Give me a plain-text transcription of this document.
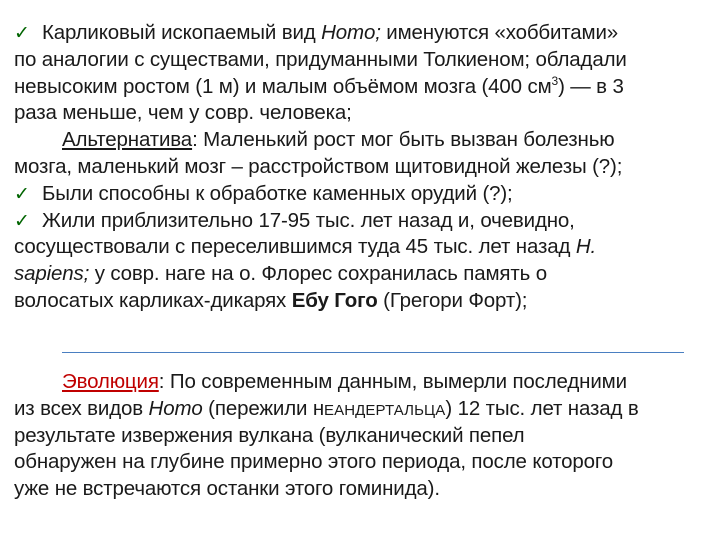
✓ Карликовый ископаемый вид Homo; именуются «хоббитами»
по аналогии с существами, придуманными Толкиеном; обладали
невысоким ростом (1 м) и малым объёмом мозга (400 $см^3$) — в 3
раза меньше, чем у совр. человека;
Альтернатива: Маленький рост мог быть вызван болезнью
мозга, маленький мозг – расстройством щитовидной железы (?);
✓ Были способны к обработке каменных орудий (?);
✓ Жили приблизительно 17-95 тыс. лет назад и, очевидно,
сосуществовали с переселившимся туда 45 тыс. лет назад H.
sapiens; у совр. наге на о. Флорес сохранилась память о
волосатых карликах-дикарях Ебу Гого (Грегори Форт);
Эволюция: По современным данным, вымерли последними
из всех видов Homo (пережили нЕАНДЕРТАЛЬЦА) 12 тыс. лет назад в
результате извержения вулкана (вулканический пепел
обнаружен на глубине примерно этого периода, после которого
уже не встречаются останки этого гоминида).
